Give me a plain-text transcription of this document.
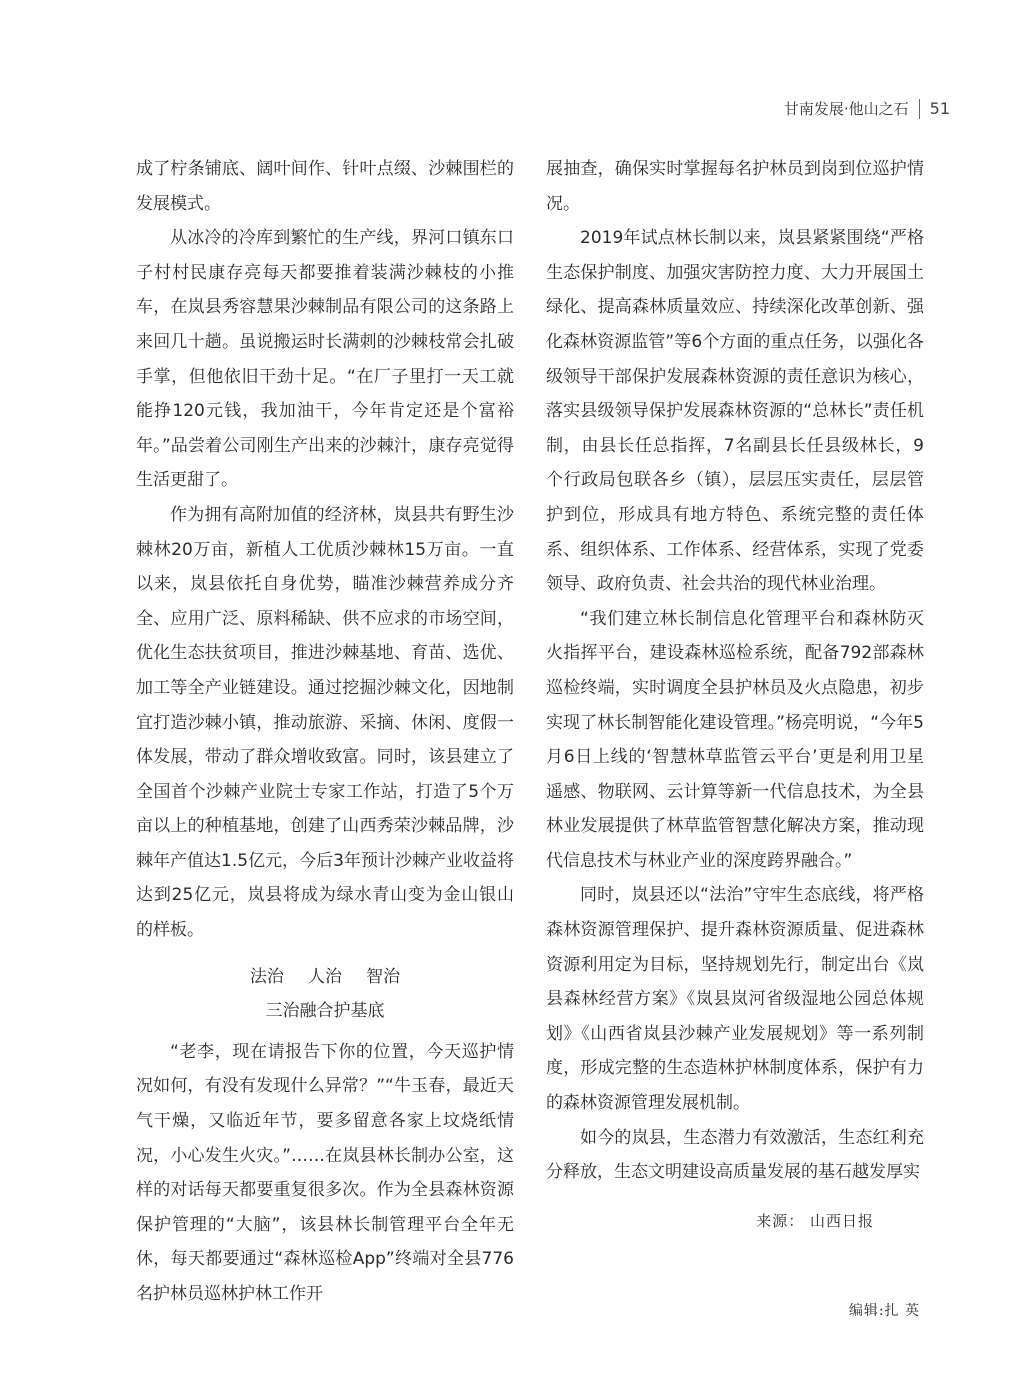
甘南发展·他山之石 51

成了柠条铺底、阔叶间作、针叶点缀、沙棘围栏的发展模式。

从冰冷的冷库到繁忙的生产线，界河口镇东口子村村民康存亮每天都要推着装满沙棘枝的小推车，在岚县秀容慧果沙棘制品有限公司的这条路上来回几十趟。虽说搬运时长满刺的沙棘枝常会扎破手掌，但他依旧干劲十足。“在厂子里打一天工就能挣120元钱，我加油干，今年肯定还是个富裕年。”品尝着公司刚生产出来的沙棘汁，康存亮觉得生活更甜了。

作为拥有高附加值的经济林，岚县共有野生沙棘林20万亩，新植人工优质沙棘林15万亩。一直以来，岚县依托自身优势，瞄准沙棘营养成分齐全、应用广泛、原料稀缺、供不应求的市场空间，优化生态扶贫项目，推进沙棘基地、育苗、选优、加工等全产业链建设。通过挖掘沙棘文化，因地制宜打造沙棘小镇，推动旅游、采摘、休闲、度假一体发展，带动了群众增收致富。同时，该县建立了全国首个沙棘产业院士专家工作站，打造了5个万亩以上的种植基地，创建了山西秀荣沙棘品牌，沙棘年产值达1.5亿元，今后3年预计沙棘产业收益将达到25亿元，岚县将成为绿水青山变为金山银山的样板。

法治 人治 智治
三治融合护基底

“老李，现在请报告下你的位置，今天巡护情况如何，有没有发现什么异常？”“牛玉春，最近天气干燥，又临近年节，要多留意各家上坟烧纸情况，小心发生火灾。”……在岚县林长制办公室，这样的对话每天都要重复很多次。作为全县森林资源保护管理的“大脑”，该县林长制管理平台全年无休，每天都要通过“森林巡检App”终端对全县776名护林员巡林护林工作开

展抽查，确保实时掌握每名护林员到岗到位巡护情况。

2019年试点林长制以来，岚县紧紧围绕“严格生态保护制度、加强灾害防控力度、大力开展国土绿化、提高森林质量效应、持续深化改革创新、强化森林资源监管”等6个方面的重点任务，以强化各级领导干部保护发展森林资源的责任意识为核心，落实县级领导保护发展森林资源的“总林长”责任机制，由县长任总指挥，7名副县长任县级林长，9个行政局包联各乡（镇），层层压实责任，层层管护到位，形成具有地方特色、系统完整的责任体系、组织体系、工作体系、经营体系，实现了党委领导、政府负责、社会共治的现代林业治理。

“我们建立林长制信息化管理平台和森林防灭火指挥平台，建设森林巡检系统，配备792部森林巡检终端，实时调度全县护林员及火点隐患，初步实现了林长制智能化建设管理。”杨亮明说，“今年5月6日上线的‘智慧林草监管云平台’更是利用卫星遥感、物联网、云计算等新一代信息技术，为全县林业发展提供了林草监管智慧化解决方案，推动现代信息技术与林业产业的深度跨界融合。”

同时，岚县还以“法治”守牢生态底线，将严格森林资源管理保护、提升森林资源质量、促进森林资源利用定为目标，坚持规划先行，制定出台《岚县森林经营方案》《岚县岚河省级湿地公园总体规划》《山西省岚县沙棘产业发展规划》等一系列制度，形成完整的生态造林护林制度体系，保护有力的森林资源管理发展机制。

如今的岚县，生态潜力有效激活，生态红利充分释放，生态文明建设高质量发展的基石越发厚实

来源： 山西日报
编辑:扎 英
